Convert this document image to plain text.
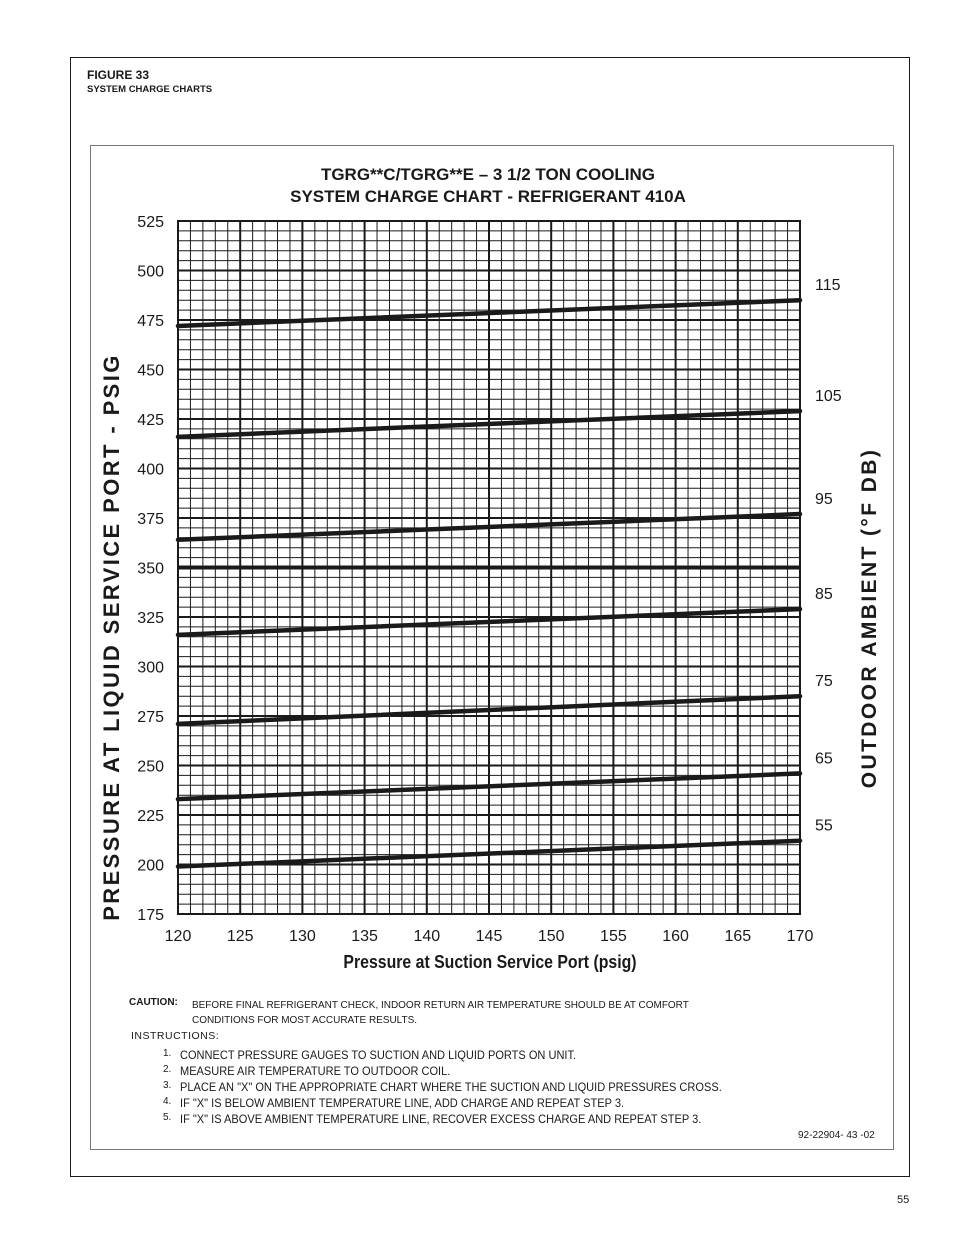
FIGURE 33
SYSTEM CHARGE CHARTS
TGRG**C/TGRG**E – 3 1/2 TON COOLING
SYSTEM CHARGE CHART - REFRIGERANT 410A
525
500
475
450
425
400
375
350
325
300
275
250
225
200
175
120 125 130 135 140 145 150 155 160 165 170
115
105
95
85
75
65
55
PRESSURE AT LIQUID SERVICE PORT - PSIG	OUTDOOR AMBIENT (°F DB)
Pressure at Suction Service Port (psig)
CAUTION: BEFORE FINAL REFRIGERANT CHECK, INDOOR RETURN AIR TEMPERATURE SHOULD BE AT COMFORT
CONDITIONS FOR MOST ACCURATE RESULTS.
INSTRUCTIONS:
1. CONNECT PRESSURE GAUGES TO SUCTION AND LIQUID PORTS ON UNIT.
2. MEASURE AIR TEMPERATURE TO OUTDOOR COIL.
3. PLACE AN "X" ON THE APPROPRIATE CHART WHERE THE SUCTION AND LIQUID PRESSURES CROSS.
4. IF "X" IS BELOW AMBIENT TEMPERATURE LINE, ADD CHARGE AND REPEAT STEP 3.
5. IF "X" IS ABOVE AMBIENT TEMPERATURE LINE, RECOVER EXCESS CHARGE AND REPEAT STEP 3.
92-22904- 43 -02
55
